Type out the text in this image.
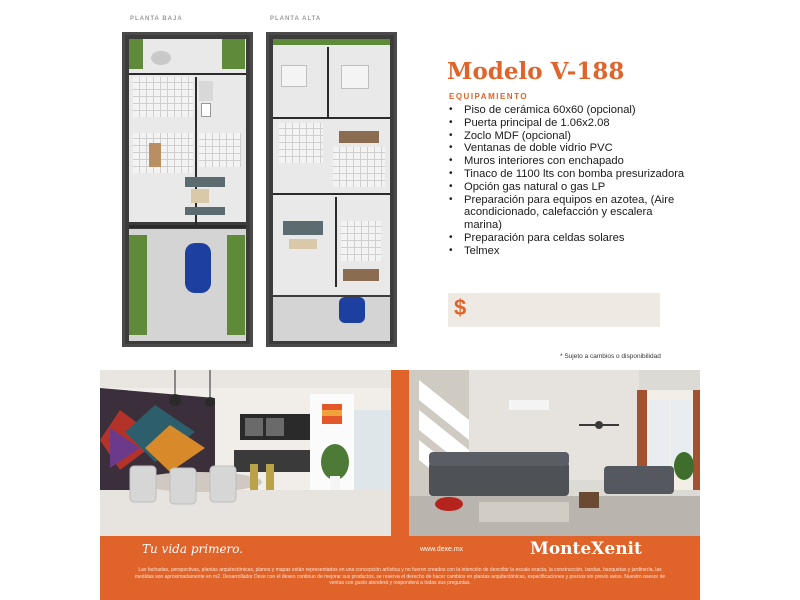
PLANTA BAJA	PLANTA ALTA
Modelo V-188
EQUIPAMIENTO
• Piso de cerámica 60x60 (opcional)
• Puerta principal de 1.06x2.08
• Zoclo MDF (opcional)
• Ventanas de doble vidrio PVC
• Muros interiores con enchapado
• Tinaco de 1100 lts con bomba presurizadora
• Opción gas natural o gas LP
• Preparación para equipos en azotea, (Aire acondicionado, calefacción y escalera marina)
• Preparación para celdas solares
• Telmex
$
* Sujeto a cambios o disponibilidad
Tu vida primero.	www.dexe.mx	MonteXenit
Las fachadas, perspectivas, plantas arquitectónicas, planos y mapas están representados en una concepción artística y no fueron creados con la intención de describir la escala exacta, la construcción, bardas, banquetas y jardinería, las medidas son aproximadamente en m2. Desarrollador Dexe con el deseo continuo de mejorar sus productos, se reserva el derecho de hacer cambios en plantas arquitectónicas, especificaciones y precios sin previo aviso. Nuestro asesor de ventas con gusto atenderá y responderá a todas sus preguntas.
